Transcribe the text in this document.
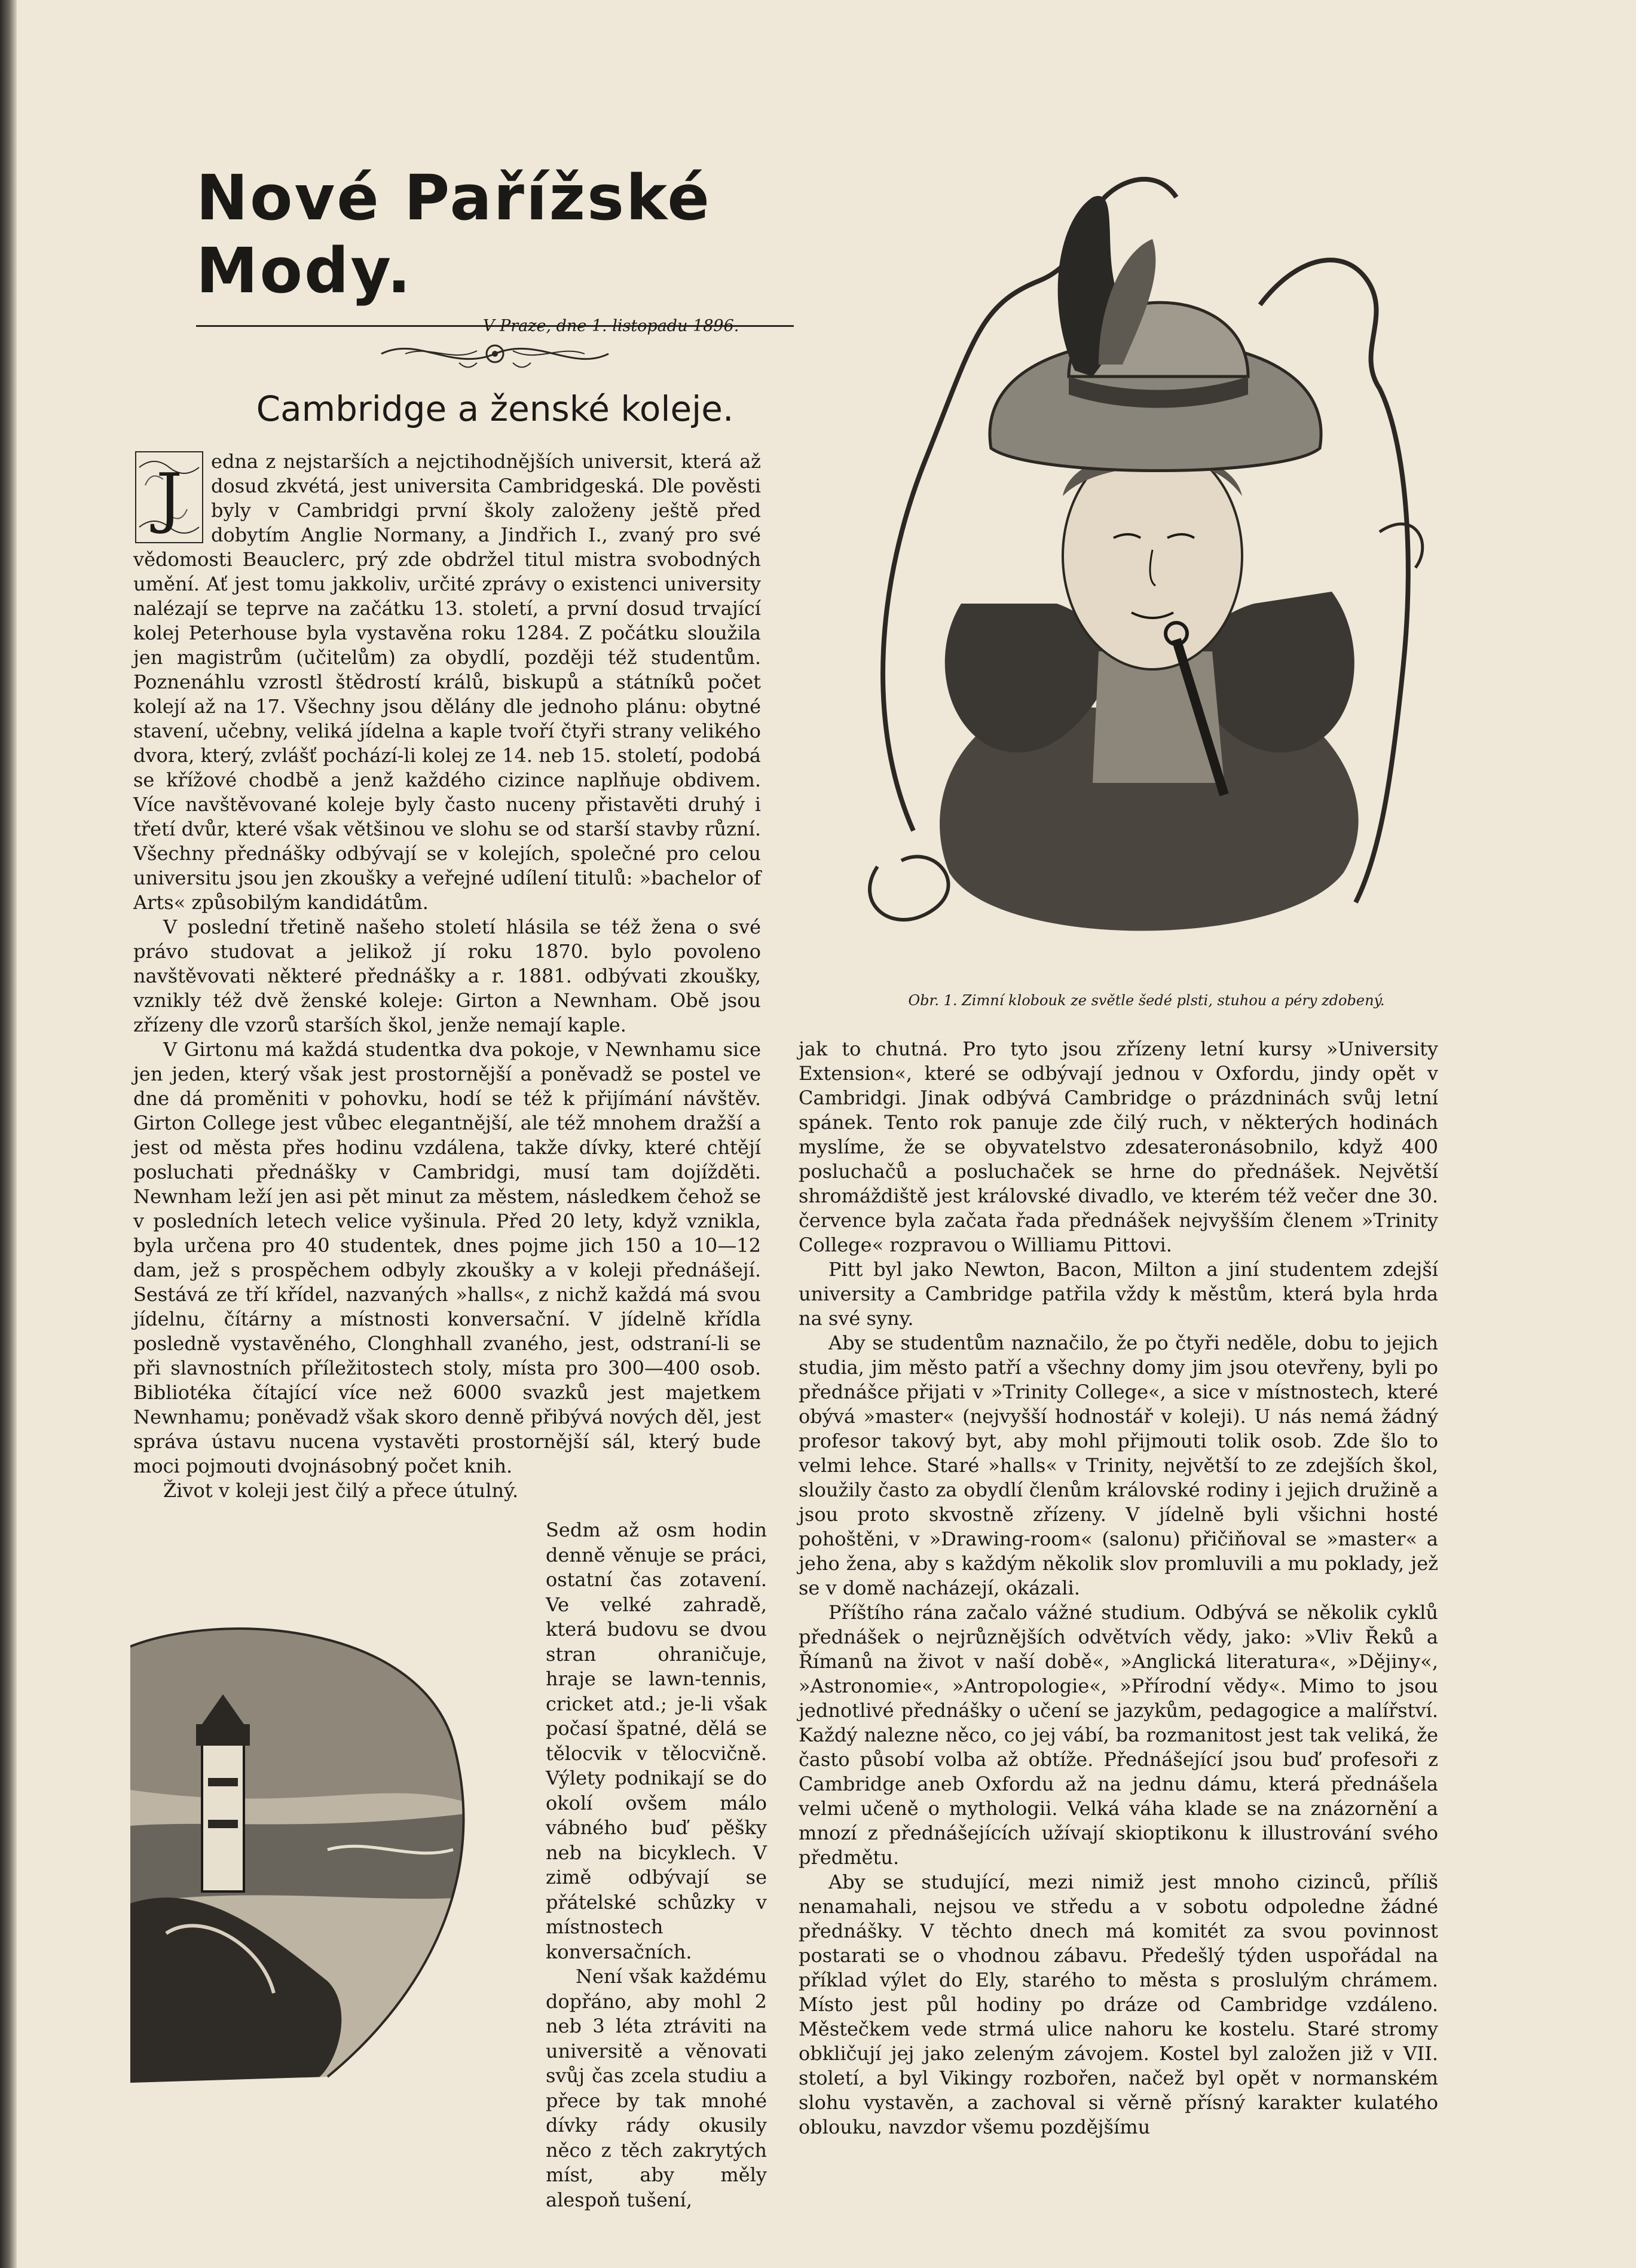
Nové Pařížské Mody.
V Praze, dne 1. listopadu 1896.
Cambridge a ženské koleje.
J	edna z nejstarších a nejctihodnějších universit, která až dosud zkvétá, jest universita Cambridgeská. Dle pověsti byly v Cambridgi první školy založeny ještě před dobytím Anglie Normany, a Jindřich I., zvaný pro své vědomosti Beauclerc, prý zde obdržel titul mistra svobodných umění. Ať jest tomu jakkoliv, určité zprávy o existenci university nalézají se teprve na začátku 13. století, a první dosud trvající kolej Peterhouse byla vystavěna roku 1284. Z počátku sloužila jen magistrům (učitelům) za obydlí, později též studentům. Poznenáhlu vzrostl štědrostí králů, biskupů a státníků počet kolejí až na 17. Všechny jsou dělány dle jednoho plánu: obytné stavení, učebny, veliká jídelna a kaple tvoří čtyři strany velikého dvora, který, zvlášť pochází-li kolej ze 14. neb 15. století, podobá se křížové chodbě a jenž každého cizince naplňuje obdivem. Více navštěvované koleje byly často nuceny přistavěti druhý i třetí dvůr, které však většinou ve slohu se od starší stavby různí. Všechny přednášky odbývají se v kolejích, společné pro celou universitu jsou jen zkoušky a veřejné udílení titulů: »bachelor of Arts« způsobilým kandidátům.

V poslední třetině našeho století hlásila se též žena o své právo studovat a jelikož jí roku 1870. bylo povoleno navštěvovati některé přednášky a r. 1881. odbývati zkoušky, vznikly též dvě ženské koleje: Girton a Newnham. Obě jsou zřízeny dle vzorů starších škol, jenže nemají kaple.

V Girtonu má každá studentka dva pokoje, v Newnhamu sice jen jeden, který však jest prostornější a poněvadž se postel ve dne dá proměniti v pohovku, hodí se též k přijímání návštěv. Girton College jest vůbec elegantnější, ale též mnohem dražší a jest od města přes hodinu vzdálena, takže dívky, které chtějí posluchati přednášky v Cambridgi, musí tam dojížděti. Newnham leží jen asi pět minut za městem, následkem čehož se v posledních letech velice vyšinula. Před 20 lety, když vznikla, byla určena pro 40 studentek, dnes pojme jich 150 a 10—12 dam, jež s prospěchem odbyly zkoušky a v koleji přednášejí. Sestává ze tří křídel, nazvaných »halls«, z nichž každá má svou jídelnu, čítárny a místnosti konversační. V jídelně křídla posledně vystavěného, Clonghhall zvaného, jest, odstraní-li se při slavnostních příležitostech stoly, místa pro 300—400 osob. Bibliotéka čítající více než 6000 svazků jest majetkem Newnhamu; poněvadž však skoro denně přibývá nových děl, jest správa ústavu nucena vystavěti prostornější sál, který bude moci pojmouti dvojnásobný počet knih.

Život v koleji jest čilý a přece útulný.

Obr. 1. Zimní klobouk ze světle šedé plsti, stuhou a péry zdobený.

Sedm až osm hodin denně věnuje se práci, ostatní čas zotavení. Ve velké zahradě, která budovu se dvou stran ohraničuje, hraje se lawn-tennis, cricket atd.; je-li však počasí špatné, dělá se tělocvik v tělocvičně. Výlety podnikají se do okolí ovšem málo vábného buď pěšky neb na bicyklech. V zimě odbývají se přátelské schůzky v místnostech konversačních.

Není však každému dopřáno, aby mohl 2 neb 3 léta ztráviti na universitě a věnovati svůj čas zcela studiu a přece by tak mnohé dívky rády okusily něco z těch zakrytých míst, aby měly alespoň tušení,

jak to chutná. Pro tyto jsou zřízeny letní kursy »University Extension«, které se odbývají jednou v Oxfordu, jindy opět v Cambridgi. Jinak odbývá Cambridge o prázdninách svůj letní spánek. Tento rok panuje zde čilý ruch, v některých hodinách myslíme, že se obyvatelstvo zdesateronásobnilo, když 400 posluchačů a posluchaček se hrne do přednášek. Největší shromáždiště jest královské divadlo, ve kterém též večer dne 30. července byla začata řada přednášek nejvyšším členem »Trinity College« rozpravou o Williamu Pittovi.

Pitt byl jako Newton, Bacon, Milton a jiní studentem zdejší university a Cambridge patřila vždy k městům, která byla hrda na své syny.

Aby se studentům naznačilo, že po čtyři neděle, dobu to jejich studia, jim město patří a všechny domy jim jsou otevřeny, byli po přednášce přijati v »Trinity College«, a sice v místnostech, které obývá »master« (nejvyšší hodnostář v koleji). U nás nemá žádný profesor takový byt, aby mohl přijmouti tolik osob. Zde šlo to velmi lehce. Staré »halls« v Trinity, největší to ze zdejších škol, sloužily často za obydlí členům královské rodiny i jejich družině a jsou proto skvostně zřízeny. V jídelně byli všichni hosté pohoštěni, v »Drawing-room« (salonu) přičiňoval se »master« a jeho žena, aby s každým několik slov promluvili a mu poklady, jež se v domě nacházejí, okázali.

Příštího rána začalo vážné studium. Odbývá se několik cyklů přednášek o nejrůznějších odvětvích vědy, jako: »Vliv Řeků a Římanů na život v naší době«, »Anglická literatura«, »Dějiny«, »Astronomie«, »Antropologie«, »Přírodní vědy«. Mimo to jsou jednotlivé přednášky o učení se jazykům, pedagogice a malířství. Každý nalezne něco, co jej vábí, ba rozmanitost jest tak veliká, že často působí volba až obtíže. Přednášející jsou buď profesoři z Cambridge aneb Oxfordu až na jednu dámu, která přednášela velmi učeně o mythologii. Velká váha klade se na znázornění a mnozí z přednášejících užívají skioptikonu k illustrování svého předmětu.

Aby se studující, mezi nimiž jest mnoho cizinců, příliš nenamahali, nejsou ve středu a v sobotu odpoledne žádné přednášky. V těchto dnech má komitét za svou povinnost postarati se o vhodnou zábavu. Předešlý týden uspořádal na příklad výlet do Ely, starého to města s proslulým chrámem. Místo jest půl hodiny po dráze od Cambridge vzdáleno. Městečkem vede strmá ulice nahoru ke kostelu. Staré stromy obkličují jej jako zeleným závojem. Kostel byl založen již v VII. století, a byl Vikingy rozbořen, načež byl opět v normanském slohu vystavěn, a zachoval si věrně přísný karakter kulatého oblouku, navzdor všemu pozdějšímu
